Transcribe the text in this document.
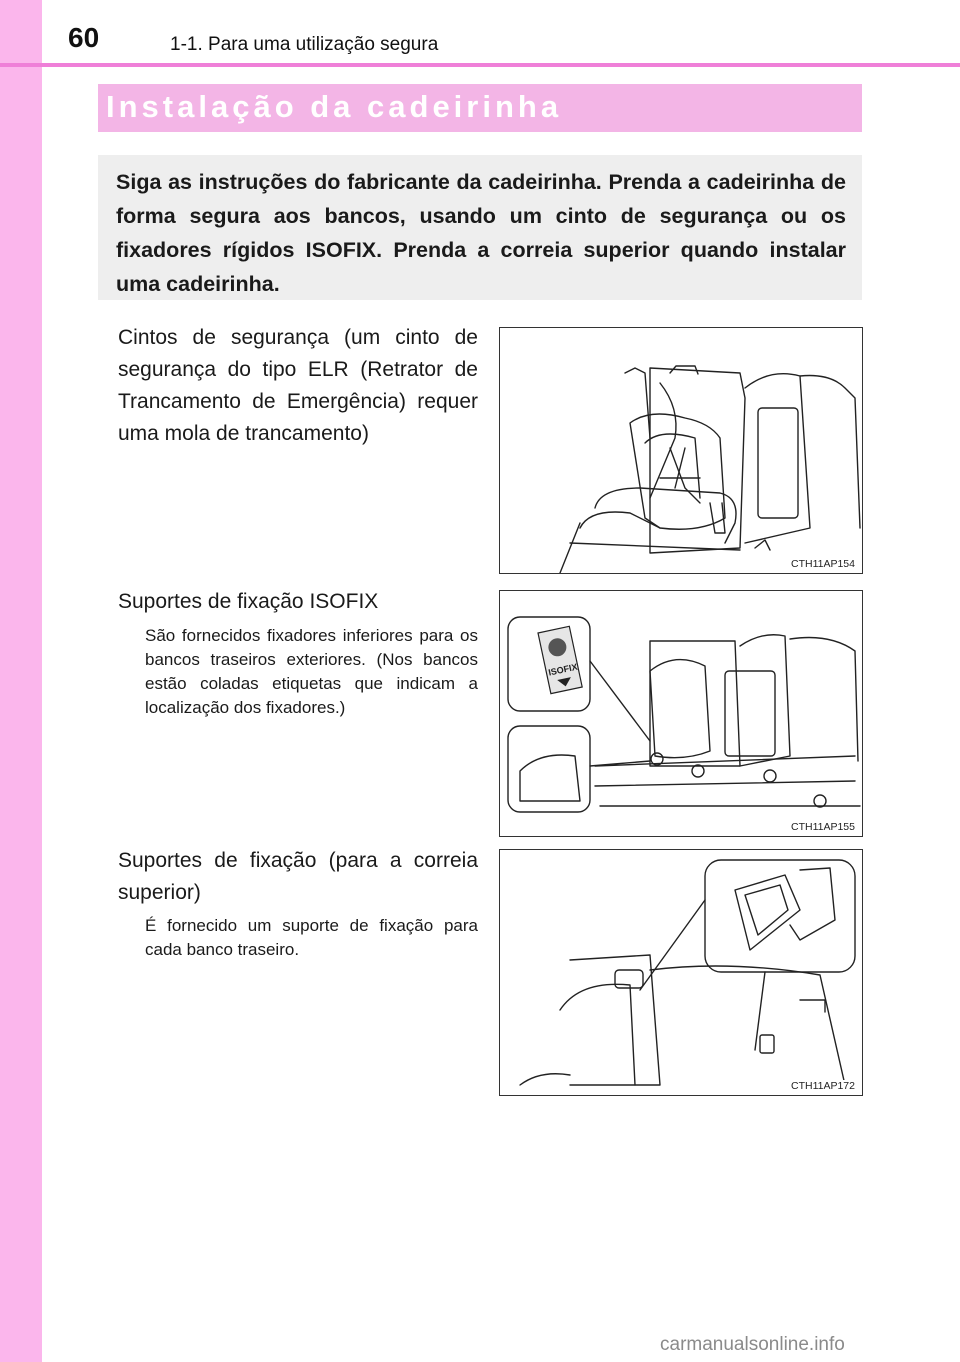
60	1-1. Para uma utilização segura
Instalação da cadeirinha
Siga as instruções do fabricante da cadeirinha. Prenda a cadeirinha de forma segura aos bancos, usando um cinto de segurança ou os fixadores rígidos ISOFIX. Prenda a correia superior quando instalar uma cadeirinha.
Cintos de segurança (um cinto de segurança do tipo ELR (Retrator de Trancamento de Emergência) requer uma mola de trancamento)
CTH11AP154
Suportes de fixação ISOFIX
São fornecidos fixadores inferiores para os bancos traseiros exteriores. (Nos bancos estão coladas etiquetas que indicam a localização dos fixadores.)
ISOFIX
CTH11AP155
Suportes de fixação (para a correia superior)
É fornecido um suporte de fixação para cada banco traseiro.
CTH11AP172
carmanualsonline.info
